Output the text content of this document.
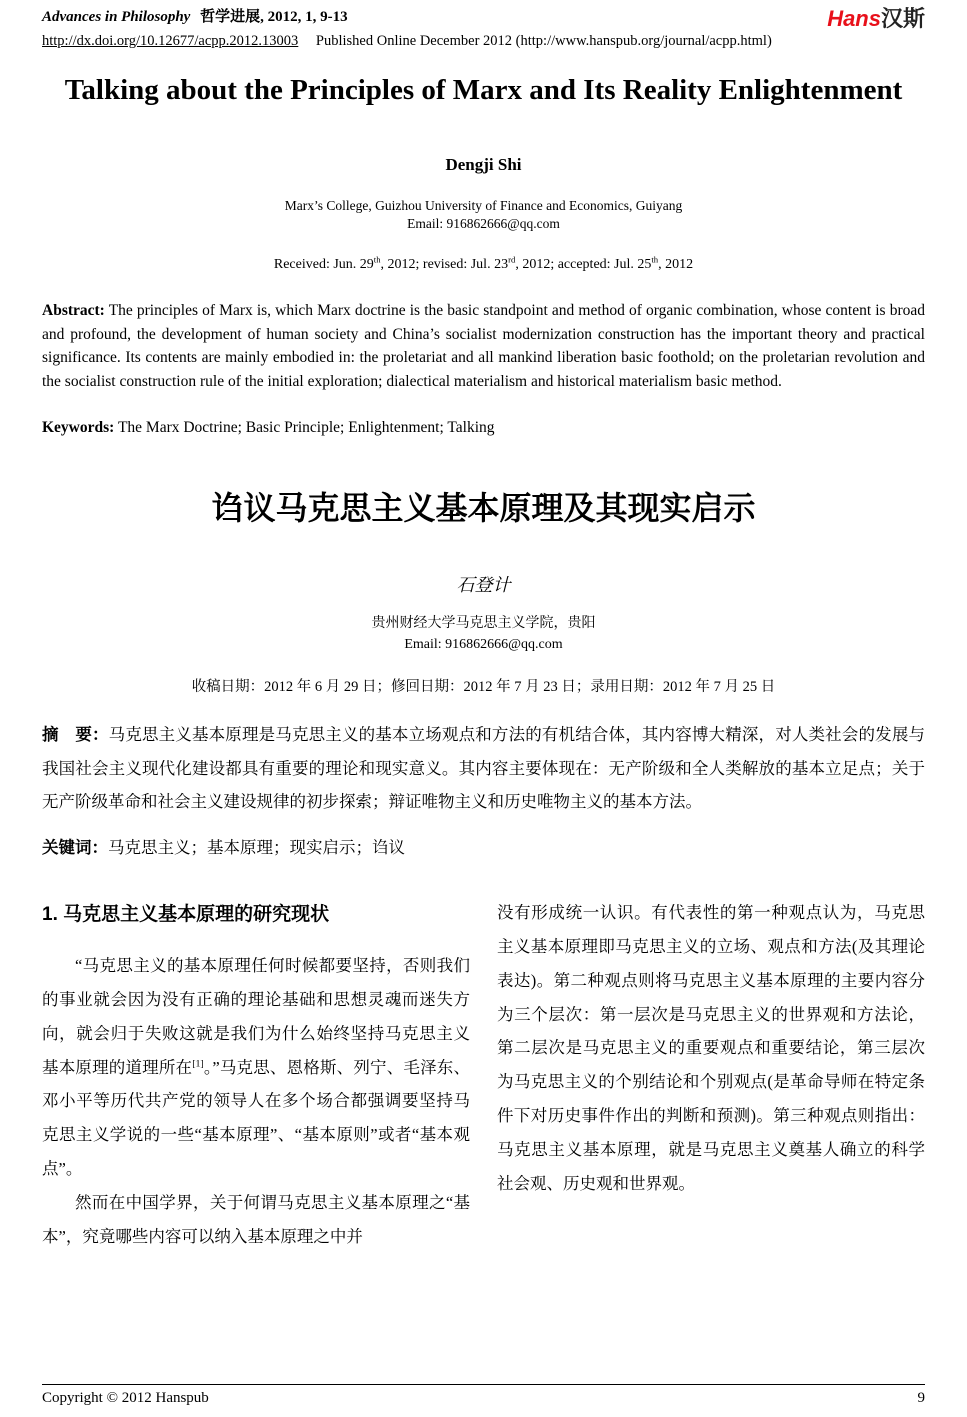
Advances in Philosophy 哲学进展, 2012, 1, 9-13	Hans汉斯
http://dx.doi.org/10.12677/acpp.2012.13003 Published Online December 2012 (http://www.hanspub.org/journal/acpp.html)
Talking about the Principles of Marx and Its Reality Enlightenment
Dengji Shi
Marx’s College, Guizhou University of Finance and Economics, Guiyang
Email: 916862666@qq.com
Received: Jun. 29th, 2012; revised: Jul. 23rd, 2012; accepted: Jul. 25th, 2012

Abstract: The principles of Marx is, which Marx doctrine is the basic standpoint and method of organic combination, whose content is broad and profound, the development of human society and China’s socialist modernization construction has the important theory and practical significance. Its contents are mainly embodied in: the proletariat and all mankind liberation basic foothold; on the proletarian revolution and the socialist construction rule of the initial exploration; dialectical materialism and historical materialism basic method.

Keywords: The Marx Doctrine; Basic Principle; Enlightenment; Talking

诌议马克思主义基本原理及其现实启示
石登计
贵州财经大学马克思主义学院，贵阳
Email: 916862666@qq.com
收稿日期：2012 年 6 月 29 日；修回日期：2012 年 7 月 23 日；录用日期：2012 年 7 月 25 日

摘　要：马克思主义基本原理是马克思主义的基本立场观点和方法的有机结合体，其内容博大精深，对人类社会的发展与我国社会主义现代化建设都具有重要的理论和现实意义。其内容主要体现在：无产阶级和全人类解放的基本立足点；关于无产阶级革命和社会主义建设规律的初步探索；辩证唯物主义和历史唯物主义的基本方法。

关键词：马克思主义；基本原理；现实启示；诌议

1. 马克思主义基本原理的研究现状

“马克思主义的基本原理任何时候都要坚持，否则我们的事业就会因为没有正确的理论基础和思想灵魂而迷失方向，就会归于失败这就是我们为什么始终坚持马克思主义基本原理的道理所在[1]。”马克思、恩格斯、列宁、毛泽东、邓小平等历代共产党的领导人在多个场合都强调要坚持马克思主义学说的一些“基本原理”、“基本原则”或者“基本观点”。

然而在中国学界，关于何谓马克思主义基本原理之“基本”，究竟哪些内容可以纳入基本原理之中并

没有形成统一认识。有代表性的第一种观点认为，马克思主义基本原理即马克思主义的立场、观点和方法(及其理论表达)。第二种观点则将马克思主义基本原理的主要内容分为三个层次：第一层次是马克思主义的世界观和方法论，第二层次是马克思主义的重要观点和重要结论，第三层次为马克思主义的个别结论和个别观点(是革命导师在特定条件下对历史事件作出的判断和预测)。第三种观点则指出：马克思主义基本原理，就是马克思主义奠基人确立的科学社会观、历史观和世界观。

Copyright © 2012 Hanspub	9
